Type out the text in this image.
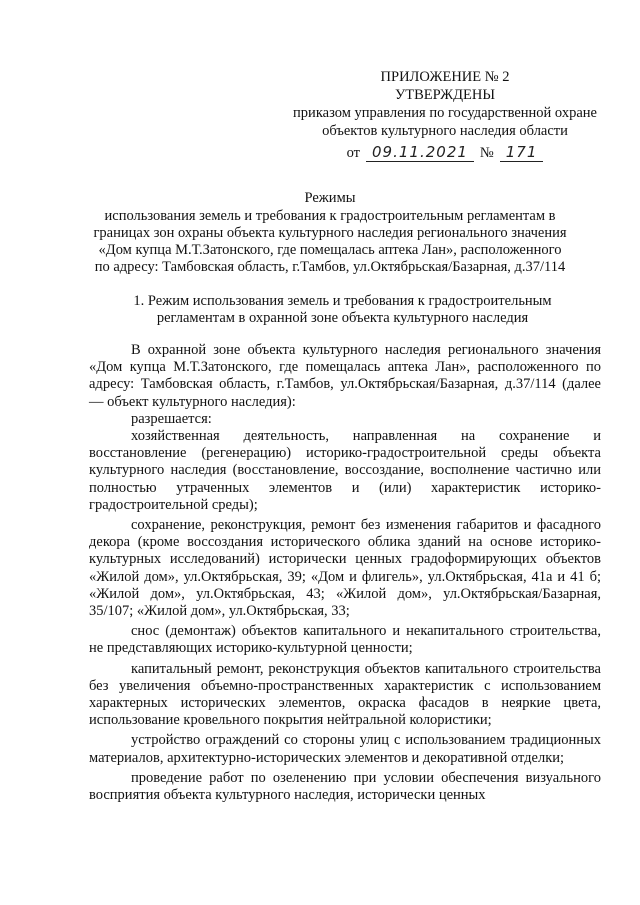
ПРИЛОЖЕНИЕ № 2
УТВЕРЖДЕНЫ
приказом управления по государственной охране
объектов культурного наследия области
от 09.11.2021 № 171
Режимы
использования земель и требования к градостроительным регламентам в
границах зон охраны объекта культурного наследия регионального значения
«Дом купца М.Т.Затонского, где помещалась аптека Лан», расположенного
по адресу: Тамбовская область, г.Тамбов, ул.Октябрьская/Базарная, д.37/114
1. Режим использования земель и требования к градостроительным
регламентам в охранной зоне объекта культурного наследия

В охранной зоне объекта культурного наследия регионального значения «Дом купца М.Т.Затонского, где помещалась аптека Лан», расположенного по адресу: Тамбовская область, г.Тамбов, ул.Октябрьская/Базарная, д.37/114 (далее — объект культурного наследия):

разрешается:

хозяйственная деятельность, направленная на сохранение и восстановление (регенерацию) историко-градостроительной среды объекта культурного наследия (восстановление, воссоздание, восполнение частично или полностью утраченных элементов и (или) характеристик историко-градостроительной среды);

сохранение, реконструкция, ремонт без изменения габаритов и фасадного декора (кроме воссоздания исторического облика зданий на основе историко-культурных исследований) исторически ценных градоформирующих объектов «Жилой дом», ул.Октябрьская, 39; «Дом и флигель», ул.Октябрьская, 41а и 41 б; «Жилой дом», ул.Октябрьская, 43; «Жилой дом», ул.Октябрьская/Базарная, 35/107; «Жилой дом», ул.Октябрьская, 33;

снос (демонтаж) объектов капитального и некапитального строительства, не представляющих историко-культурной ценности;

капитальный ремонт, реконструкция объектов капитального строительства без увеличения объемно-пространственных характеристик с использованием характерных исторических элементов, окраска фасадов в неяркие цвета, использование кровельного покрытия нейтральной колористики;

устройство ограждений со стороны улиц с использованием традиционных материалов, архитектурно-исторических элементов и декоративной отделки;

проведение работ по озеленению при условии обеспечения визуального восприятия объекта культурного наследия, исторически ценных
